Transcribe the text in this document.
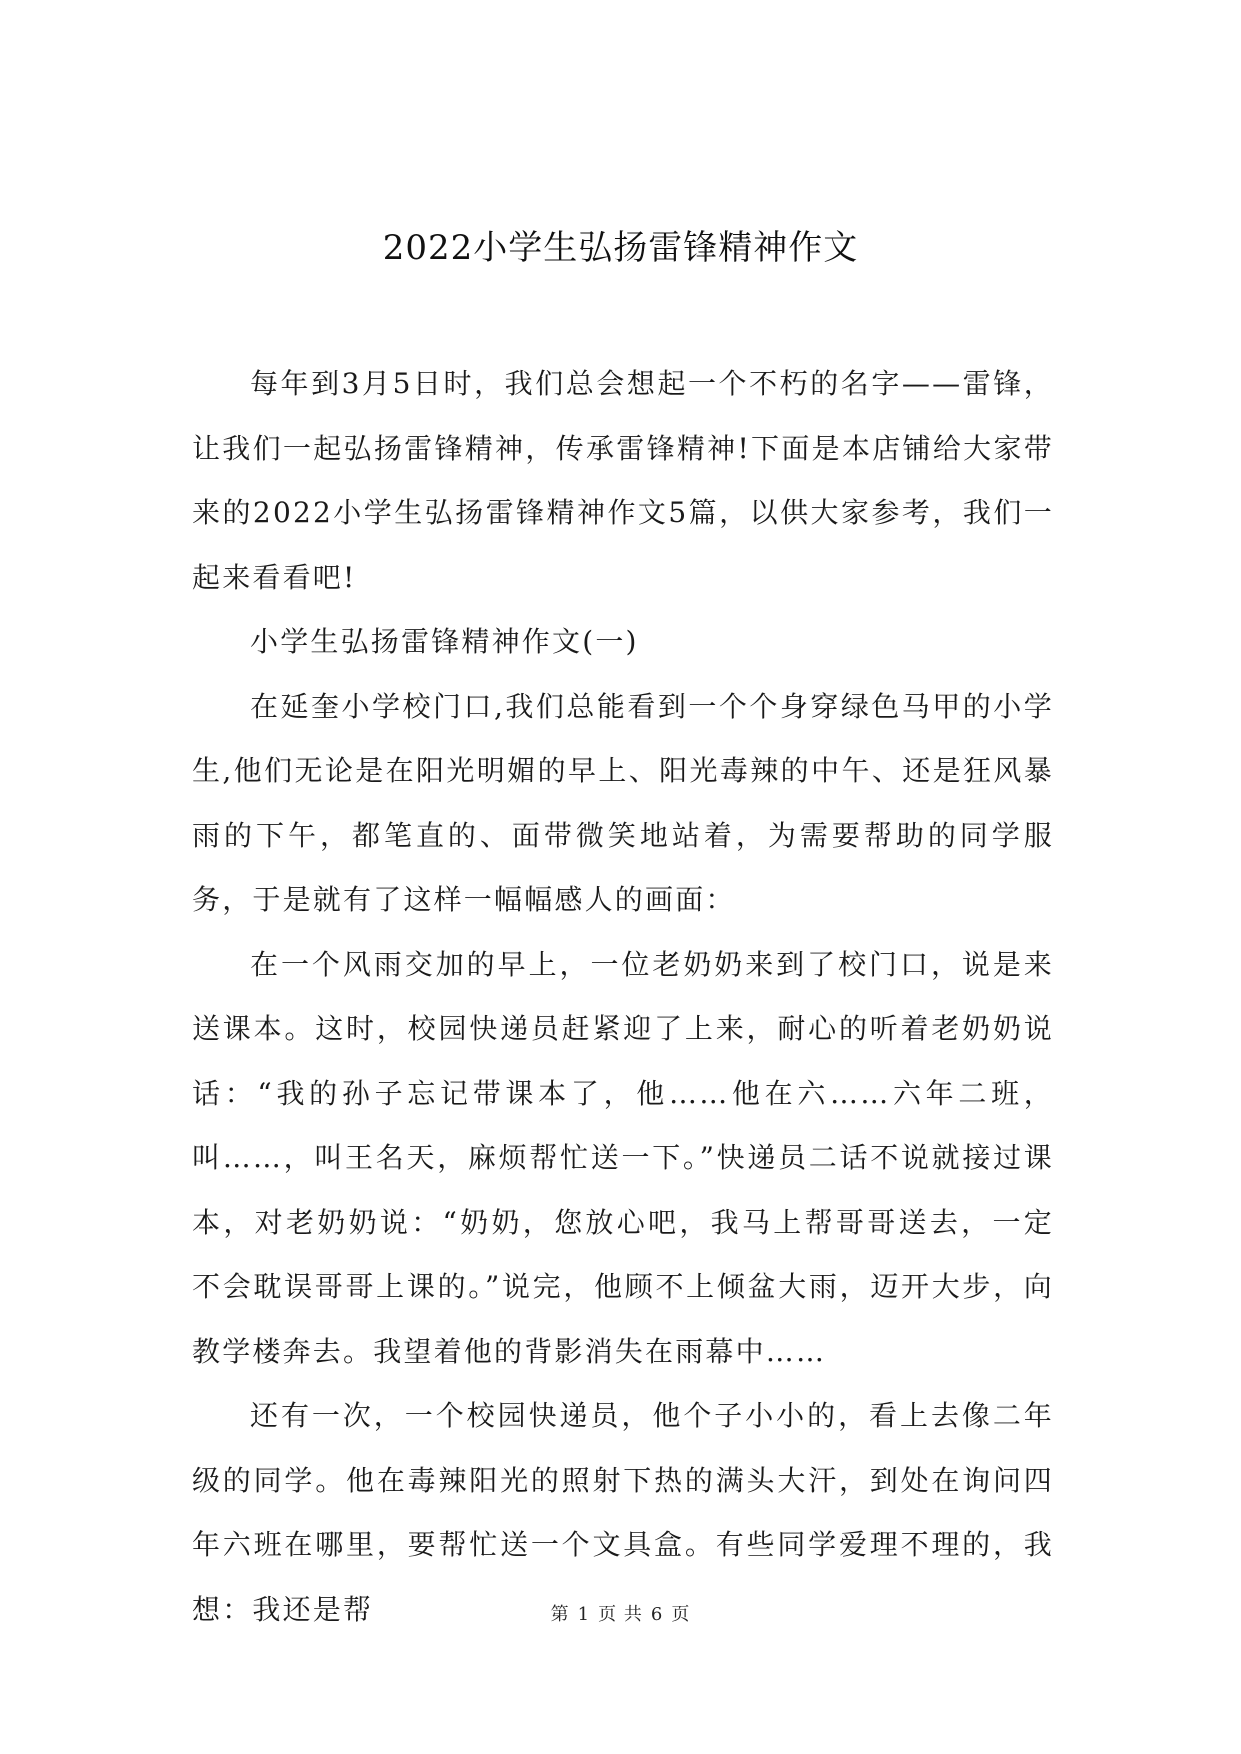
2022小学生弘扬雷锋精神作文

每年到3月5日时，我们总会想起一个不朽的名字——雷锋，让我们一起弘扬雷锋精神，传承雷锋精神!下面是本店铺给大家带来的2022小学生弘扬雷锋精神作文5篇，以供大家参考，我们一起来看看吧!

小学生弘扬雷锋精神作文(一)

在延奎小学校门口,我们总能看到一个个身穿绿色马甲的小学生,他们无论是在阳光明媚的早上、阳光毒辣的中午、还是狂风暴雨的下午，都笔直的、面带微笑地站着，为需要帮助的同学服务，于是就有了这样一幅幅感人的画面：

在一个风雨交加的早上，一位老奶奶来到了校门口，说是来送课本。这时，校园快递员赶紧迎了上来，耐心的听着老奶奶说话：“我的孙子忘记带课本了，他……他在六……六年二班，叫……，叫王名天，麻烦帮忙送一下。”快递员二话不说就接过课本，对老奶奶说：“奶奶，您放心吧，我马上帮哥哥送去，一定不会耽误哥哥上课的。”说完，他顾不上倾盆大雨，迈开大步，向教学楼奔去。我望着他的背影消失在雨幕中……

还有一次，一个校园快递员，他个子小小的，看上去像二年级的同学。他在毒辣阳光的照射下热的满头大汗，到处在询问四年六班在哪里，要帮忙送一个文具盒。有些同学爱理不理的，我想：我还是帮	第 1 页 共 6 页
